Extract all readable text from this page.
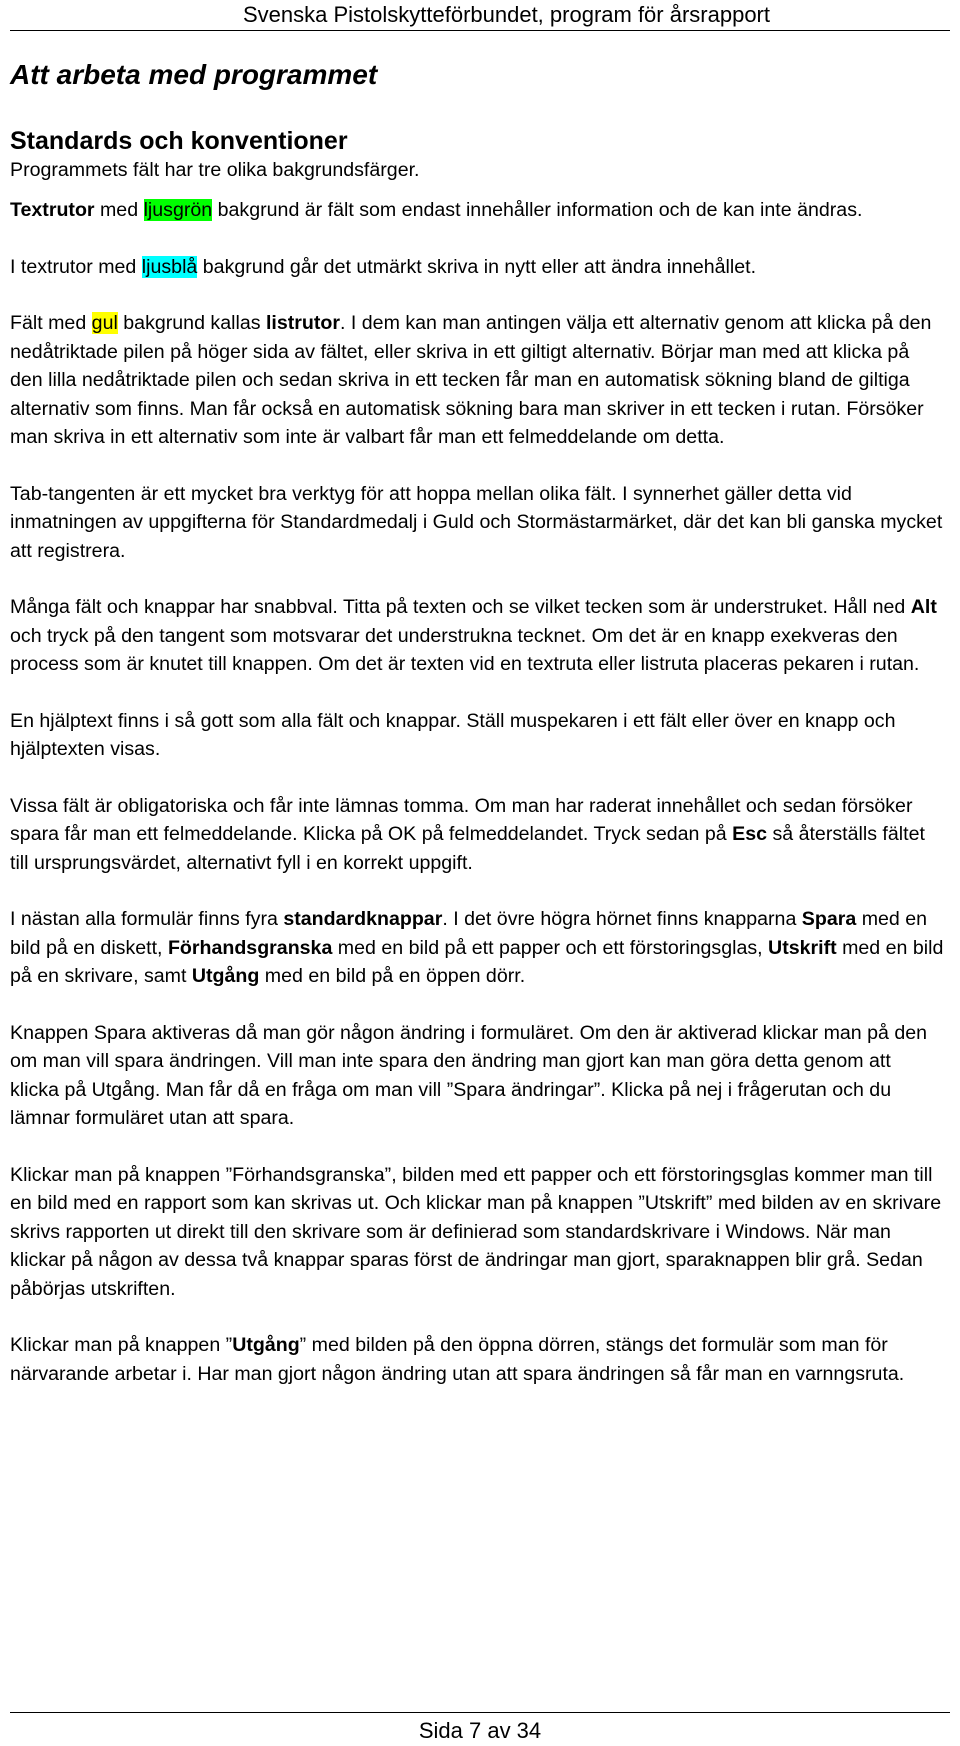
Svenska Pistolskytteförbundet, program för årsrapport
Att arbeta med programmet
Standards och konventioner

Programmets fält har tre olika bakgrundsfärger.

Textrutor med ljusgrön bakgrund är fält som endast innehåller information och de kan inte ändras.

I textrutor med ljusblå bakgrund går det utmärkt skriva in nytt eller att ändra innehållet.

Fält med gul bakgrund kallas listrutor. I dem kan man antingen välja ett alternativ genom att klicka på den nedåtriktade pilen på höger sida av fältet, eller skriva in ett giltigt alternativ. Börjar man med att klicka på den lilla nedåtriktade pilen och sedan skriva in ett tecken får man en automatisk sökning bland de giltiga alternativ som finns. Man får också en automatisk sökning bara man skriver in ett tecken i rutan. Försöker man skriva in ett alternativ som inte är valbart får man ett felmeddelande om detta.

Tab-tangenten är ett mycket bra verktyg för att hoppa mellan olika fält. I synnerhet gäller detta vid inmatningen av uppgifterna för Standardmedalj i Guld och Stormästarmärket, där det kan bli ganska mycket att registrera.

Många fält och knappar har snabbval. Titta på texten och se vilket tecken som är understruket. Håll ned Alt och tryck på den tangent som motsvarar det understrukna tecknet. Om det är en knapp exekveras den process som är knutet till knappen. Om det är texten vid en textruta eller listruta placeras pekaren i rutan.

En hjälptext finns i så gott som alla fält och knappar. Ställ muspekaren i ett fält eller över en knapp och hjälptexten visas.

Vissa fält är obligatoriska och får inte lämnas tomma. Om man har raderat innehållet och sedan försöker spara får man ett felmeddelande. Klicka på OK på felmeddelandet. Tryck sedan på Esc så återställs fältet till ursprungsvärdet, alternativt fyll i en korrekt uppgift.

I nästan alla formulär finns fyra standardknappar. I det övre högra hörnet finns knapparna Spara med en bild på en diskett, Förhandsgranska med en bild på ett papper och ett förstoringsglas, Utskrift med en bild på en skrivare, samt Utgång med en bild på en öppen dörr.

Knappen Spara aktiveras då man gör någon ändring i formuläret. Om den är aktiverad klickar man på den om man vill spara ändringen. Vill man inte spara den ändring man gjort kan man göra detta genom att klicka på Utgång. Man får då en fråga om man vill ”Spara ändringar”. Klicka på nej i frågerutan och du lämnar formuläret utan att spara.

Klickar man på knappen ”Förhandsgranska”, bilden med ett papper och ett förstoringsglas kommer man till en bild med en rapport som kan skrivas ut. Och klickar man på knappen ”Utskrift” med bilden av en skrivare skrivs rapporten ut direkt till den skrivare som är definierad som standardskrivare i Windows. När man klickar på någon av dessa två knappar sparas först de ändringar man gjort, sparaknappen blir grå. Sedan påbörjas utskriften.

Klickar man på knappen ”Utgång” med bilden på den öppna dörren, stängs det formulär som man för närvarande arbetar i. Har man gjort någon ändring utan att spara ändringen så får man en varnngsruta.

Sida 7 av 34
